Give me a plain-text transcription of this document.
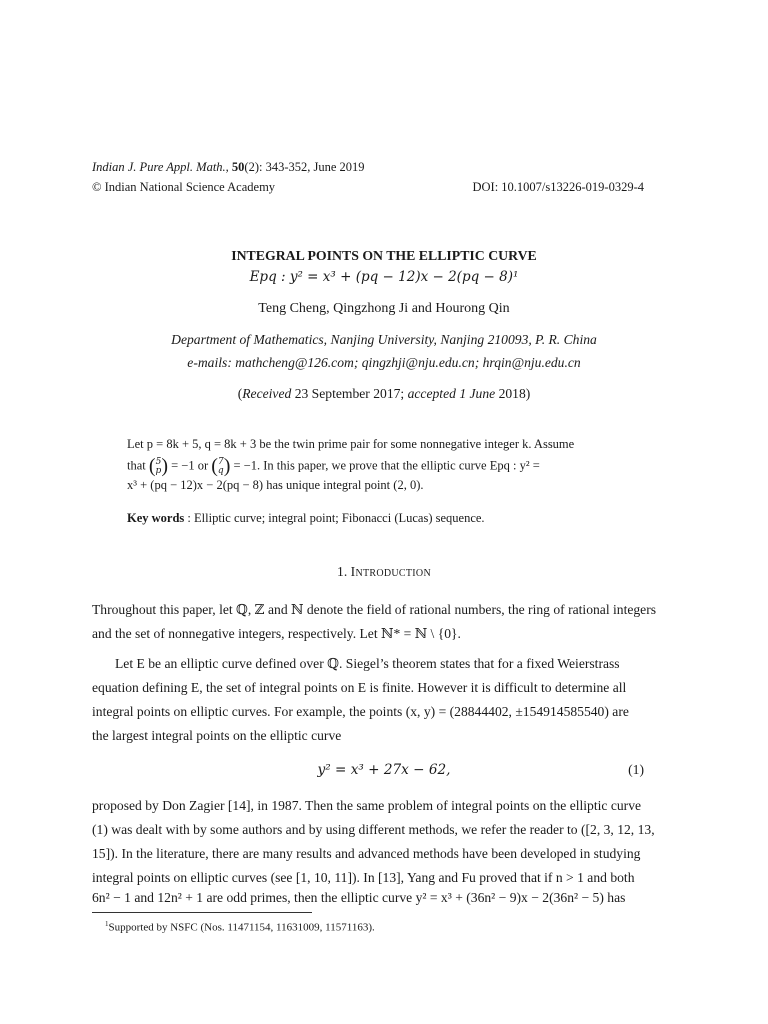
Indian J. Pure Appl. Math., 50(2): 343-352, June 2019
© Indian National Science Academy	DOI: 10.1007/s13226-019-0329-4
INTEGRAL POINTS ON THE ELLIPTIC CURVE
Epq : y² = x³ + (pq − 12)x − 2(pq − 8)¹
Teng Cheng, Qingzhong Ji and Hourong Qin
Department of Mathematics, Nanjing University, Nanjing 210093, P. R. China
e-mails: mathcheng@126.com; qingzhji@nju.edu.cn; hrqin@nju.edu.cn
(Received 23 September 2017; accepted 1 June 2018)
Let p = 8k + 5, q = 8k + 3 be the twin prime pair for some nonnegative integer k. Assume
that ( 5
p ) = −1 or ( 7
q ) = −1. In this paper, we prove that the elliptic curve Epq : y² =
x³ + (pq − 12)x − 2(pq − 8) has unique integral point (2, 0).
Key words : Elliptic curve; integral point; Fibonacci (Lucas) sequence.
1. Introduction
Throughout this paper, let ℚ, ℤ and ℕ denote the field of rational numbers, the ring of rational integers
and the set of nonnegative integers, respectively. Let ℕ* = ℕ \ {0}.
Let E be an elliptic curve defined over ℚ. Siegel’s theorem states that for a fixed Weierstrass
equation defining E, the set of integral points on E is finite. However it is difficult to determine all
integral points on elliptic curves. For example, the points (x, y) = (28844402, ±154914585540) are
the largest integral points on the elliptic curve
y² = x³ + 27x − 62,	(1)
proposed by Don Zagier [14], in 1987. Then the same problem of integral points on the elliptic curve
(1) was dealt with by some authors and by using different methods, we refer the reader to ([2, 3, 12, 13,
15]). In the literature, there are many results and advanced methods have been developed in studying
integral points on elliptic curves (see [1, 10, 11]). In [13], Yang and Fu proved that if n > 1 and both
6n² − 1 and 12n² + 1 are odd primes, then the elliptic curve y² = x³ + (36n² − 9)x − 2(36n² − 5) has
$^1$Supported by NSFC (Nos. 11471154, 11631009, 11571163).
